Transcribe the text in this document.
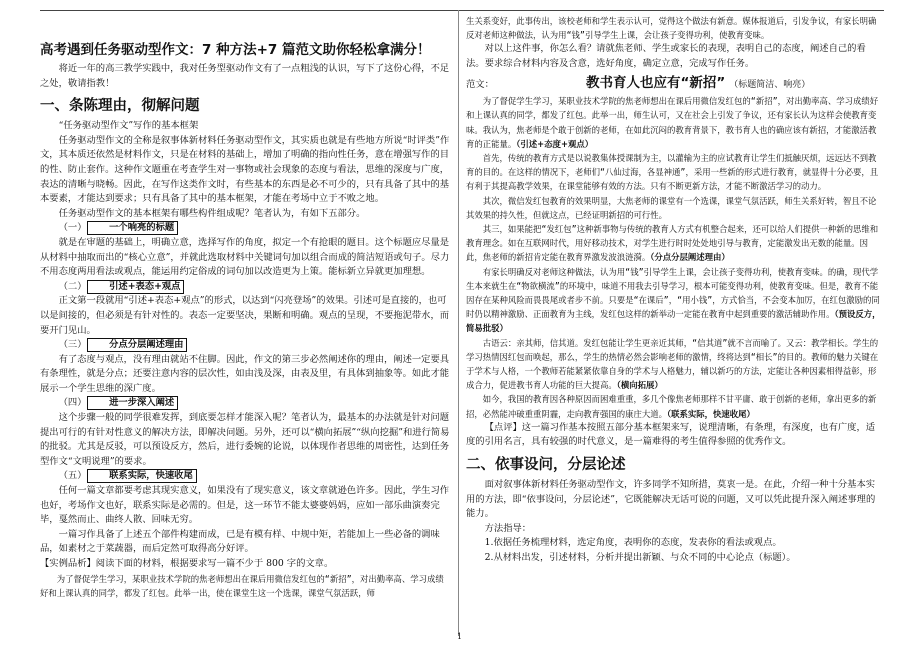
高考遇到任务驱动型作文：7 种方法+7 篇范文助你轻松拿满分！

将近一年的高三教学实践中，我对任务型驱动作文有了一点粗浅的认识，写下了这份心得，不足之处，敬请指教！

一、条陈理由，彻解问题

“任务驱动型作文”写作的基本框架

任务驱动型作文的全称是叙事体新材料任务驱动型作文，其实质也就是有些地方所说“时评类”作文，其本质还依然是材料作文，只是在材料的基础上，增加了明确的指向性任务，意在增强写作的目的性、防止套作。这种作文题重在考查学生对一事物或社会现象的态度与看法，思维的深度与广度，表达的清晰与晓畅。因此，在写作这类作文时，有些基本的东西是必不可少的，只有具备了其中的基本要素，才能达到要求；只有具备了其中的基本框架，才能在考场中立于不败之地。

任务驱动型作文的基本框架有哪些构件组成呢？笔者认为，有如下五部分。

（一） 一个响亮的标题

就是在审题的基础上，明确立意，选择写作的角度，拟定一个有抢眼的题目。这个标题应尽量是从材料中抽取而出的“核心立意”，并就此选取材料中关键词句加以组合而成的简洁短语或句子。尽力不用态度两用看法或观点，能运用约定俗成的词句加以改造更为上策。能标新立异就更加理想。

（二） 引述+表态+观点

正文第一段就用“引述+表态+观点”的形式，以达到“闪亮登场”的效果。引述可是直接的，也可以是间接的，但必须是有针对性的。表态一定要坚决，果断和明确。观点的呈现，不要拖泥带水，而要开门见山。

（三） 分点分层阐述理由

有了态度与观点，没有理由就站不住脚。因此，作文的第三步必然阐述你的理由，阐述一定要具有条理性，就是分点；还要注意内容的层次性，如由浅及深，由表及里，有具体到抽象等。如此才能展示一个学生思维的深广度。

（四） 进一步深入阐述

这个步骤一般的同学很难发挥，到底要怎样才能深入呢？笔者认为，最基本的办法就是针对问题提出可行的有针对性意义的解决方法，即解决问题。另外，还可以“横向拓展”“纵向挖掘”和进行简易的批驳。尤其是反驳，可以预设反方，然后，进行委婉的论说，以体现作者思维的周密性，达到任务型作文“文明说理”的要求。

（五） 联系实际，快速收尾

任何一篇文章都要考虑其现实意义，如果没有了现实意义，该文章就逊色许多。因此，学生习作也好，考场作文也好，联系实际是必需的。但是，这一环节不能太婆婆妈妈，应如一部乐曲演奏完毕，戛然而止、曲终人散、回味无穷。

一篇习作具备了上述五个部件构建而成，已是有模有样、中规中矩，若能加上一些必备的调味品，如素材之于菜蔬器，而后定然可取得高分好评。

【实例品析】阅读下面的材料，根据要求写一篇不少于 800 字的文章。

为了督促学生学习，某职业技术学院的焦老师想出在课后用微信发红包的“新招”，对出勤率高、学习成绩好和上课认真的同学，都发了红包。此举一出，使在课堂生这一个选课，课堂气氛活跃，师

生关系变好，此事传出，该校老师和学生表示认可，觉得这个做法有新意。媒体报道后，引发争议，有家长明确反对老师这种做法，认为用“钱”引导学生上课，会让孩子变得功利，使教育变味。

对以上这件事，你怎么看？请就焦老师、学生或家长的表现，表明自己的态度，阐述自己的看法。要求综合材料内容及含意，选好角度，确定立意，完成写作任务。

范文：	教书育人也应有“新招” （标题简洁、响亮）

为了督促学生学习，某职业技术学院的焦老师想出在课后用微信发红包的“新招”，对出勤率高、学习成绩好和上课认真的同学，都发了红包。此举一出，师生认可，又在社会上引发了争议，还有家长认为这样会使教育变味。我认为，焦老师是个敢于创新的老师，在如此沉闷的教育背景下，教书育人也的确应该有新招，才能激活教育的正能量。（引述+态度+观点）

首先，传统的教育方式是以说教集体授课制为主，以灌输为主的应试教育让学生们抵触厌烦，远远达不到教育的目的。在这样的情况下，老师们“八仙过海，各显神通”，采用一些新的形式进行教育，就显得十分必要，且有利于其提高教学效果，在课堂能够有效的方法。只有不断更新方法，才能不断激活学习的动力。

其次，微信发红包教育的效果明显，大焦老师的课堂有一个选课，课堂气氛活跃，师生关系好转，智且不论其效果的持久性，但就这点，已经证明新招的可行性。

其三，如果能把“发红包”这种新事物与传统的教育人方式有机整合起来，还可以给人们提供一种新的思维和教育理念。如在互联网时代，用好移动技术，对学生进行时时处处地引导与教育，定能激发出无数的能量。因此，焦老师的新招肯定能在教育界激发波浪涟漪。（分点分层阐述理由）

有家长明确反对老师这种做法，认为用“钱”引导学生上课，会让孩子变得功利，使教育变味。的确，现代学生本来就生在“物欲横流”的环境中，味道不用我去引导学习，根本可能变得功利，使教育变味。但是，教育不能因存在某种风险而畏畏尾或者步不前。只要是“在课后”，“用小钱”，方式恰当，不会变本加厉，在红包激励的同时仍以精神激励、正面教育为主线，发红包这样的新举动一定能在教育中起到重要的激活辅助作用。（预设反方，简易批驳）

古语云：亲其师，信其道。发红包能让学生更亲近其师，“信其道”就不言而喻了。又云：教学相长。学生的学习热情因红包而唤起，那么，学生的热情必然会影响老师的激情，终将达到“相长”的目的。教师的魅力关键在于学术与人格，一个教师若能紧紧依靠自身的学术与人格魅力，辅以新巧的方法，定能让各种因素相得益彰，形成合力，促进教书育人功能的巨大提高。（横向拓展）

如今，我国的教育因各种原因而困难重重，多几个像焦老师那样不甘平庸、敢于创新的老师，拿出更多的新招，必然能冲破重重阴霾，走向教育强国的康庄大道。（联系实际，快速收尾）

【点评】这一篇习作基本按照五部分基本框架来写，说理清晰，有条理，有深度，也有广度，适度的引用名言，具有较强的时代意义，是一篇难得的考生值得参照的优秀作文。

二、依事设问，分层论述

面对叙事体新材料任务驱动型作文，许多同学不知所措，莫衷一是。在此，介绍一种十分基本实用的方法，即“依事设问，分层论述”，它既能解决无话可说的问题，又可以凭此提升深入阐述事理的能力。

方法指导：

1.依据任务梳理材料，选定角度，表明你的态度，发表你的看法或观点。

2.从材料出发，引述材料，分析并提出新颖、与众不同的中心论点（标题）。

1
